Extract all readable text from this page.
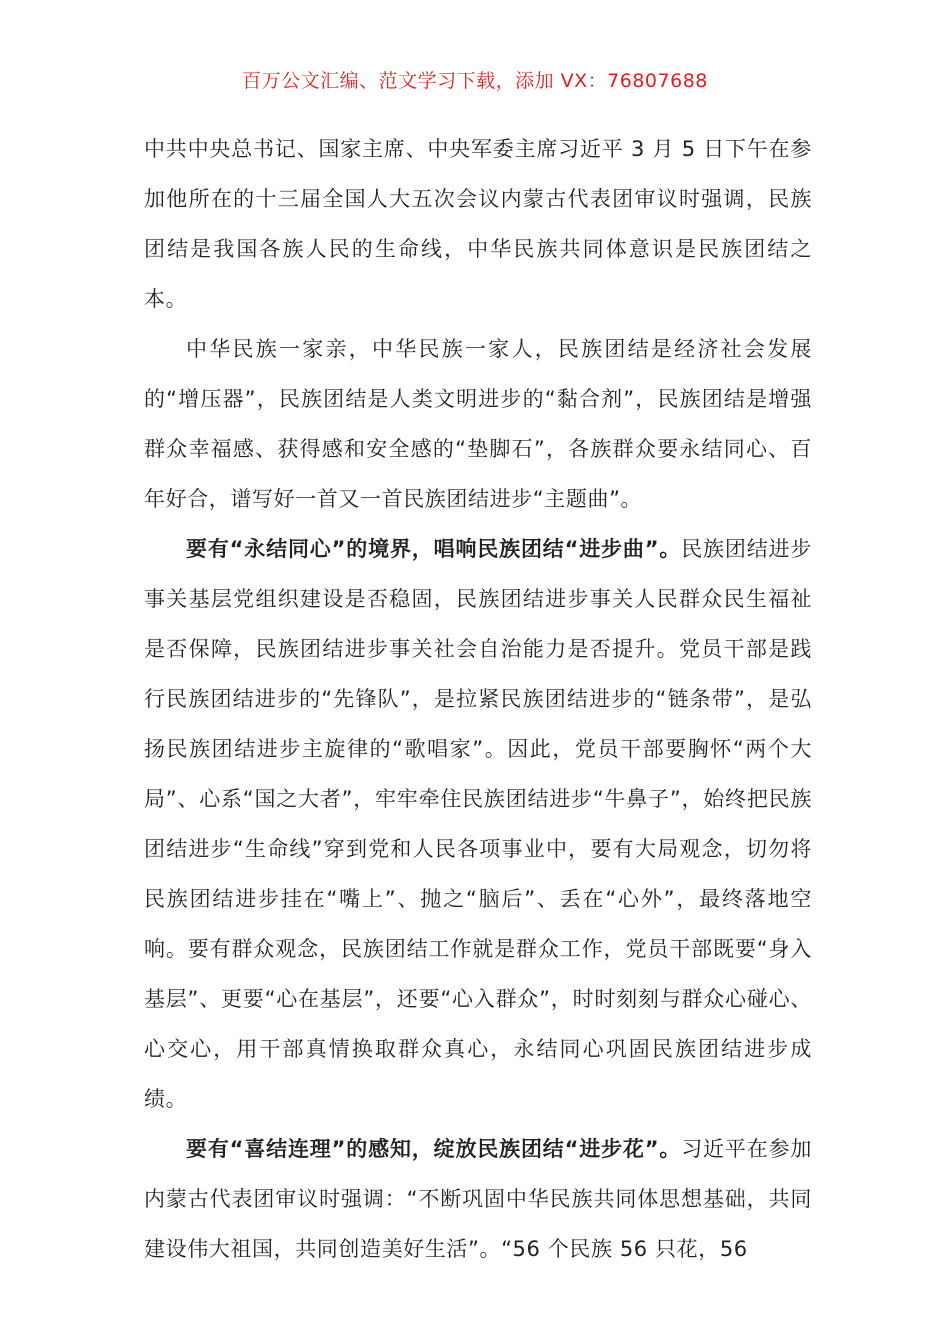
百万公文汇编、范文学习下载，添加 VX：76807688

中共中央总书记、国家主席、中央军委主席习近平 3 月 5 日下午在参加他所在的十三届全国人大五次会议内蒙古代表团审议时强调，民族团结是我国各族人民的生命线，中华民族共同体意识是民族团结之本。

中华民族一家亲，中华民族一家人，民族团结是经济社会发展的“增压器”，民族团结是人类文明进步的“黏合剂”，民族团结是增强群众幸福感、获得感和安全感的“垫脚石”，各族群众要永结同心、百年好合，谱写好一首又一首民族团结进步“主题曲”。

要有“永结同心”的境界，唱响民族团结“进步曲”。民族团结进步事关基层党组织建设是否稳固，民族团结进步事关人民群众民生福祉是否保障，民族团结进步事关社会自治能力是否提升。党员干部是践行民族团结进步的“先锋队”，是拉紧民族团结进步的“链条带”，是弘扬民族团结进步主旋律的“歌唱家”。因此，党员干部要胸怀“两个大局”、心系“国之大者”，牢牢牵住民族团结进步“牛鼻子”，始终把民族团结进步“生命线”穿到党和人民各项事业中，要有大局观念，切勿将民族团结进步挂在“嘴上”、抛之“脑后”、丢在“心外”，最终落地空响。要有群众观念，民族团结工作就是群众工作，党员干部既要“身入基层”、更要“心在基层”，还要“心入群众”，时时刻刻与群众心碰心、心交心，用干部真情换取群众真心，永结同心巩固民族团结进步成绩。

要有“喜结连理”的感知，绽放民族团结“进步花”。习近平在参加内蒙古代表团审议时强调：“不断巩固中华民族共同体思想基础，共同建设伟大祖国，共同创造美好生活”。“56 个民族 56 只花，56
